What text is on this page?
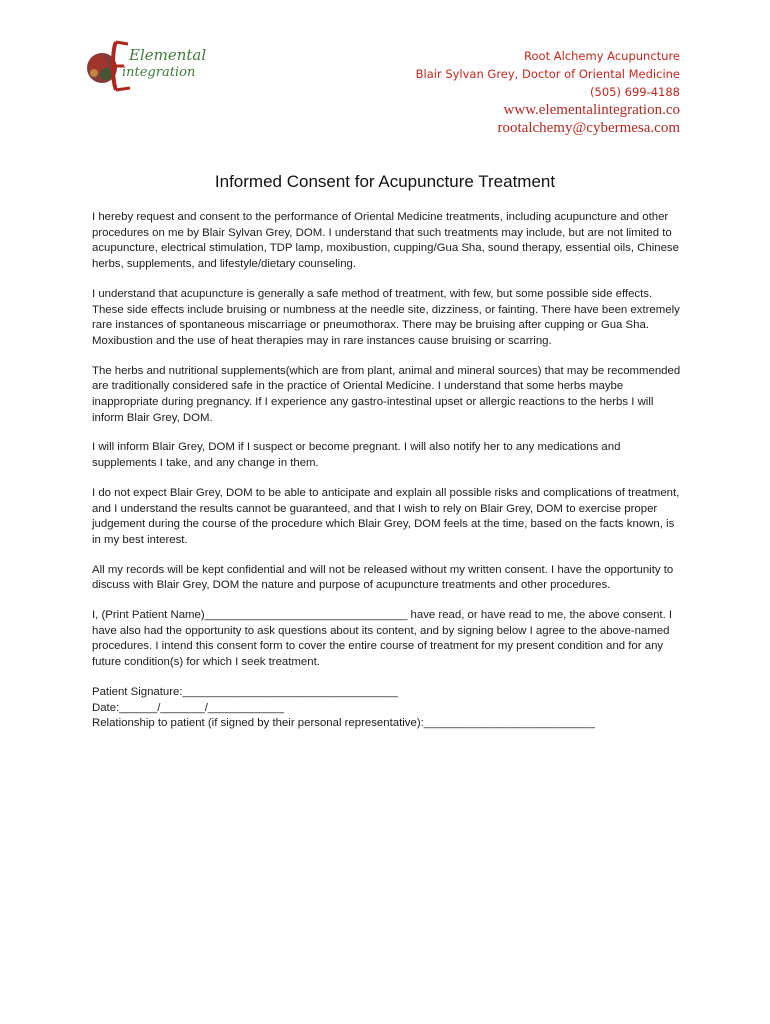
Elemental
integration
Root Alchemy Acupuncture
Blair Sylvan Grey, Doctor of Oriental Medicine
(505) 699-4188
www.elementalintegration.co
rootalchemy@cybermesa.com
Informed Consent for Acupuncture Treatment

I hereby request and consent to the performance of Oriental Medicine treatments, including acupuncture and other procedures on me by Blair Sylvan Grey, DOM. I understand that such treatments may include, but are not limited to acupuncture, electrical stimulation, TDP lamp, moxibustion, cupping/Gua Sha, sound therapy, essential oils, Chinese herbs, supplements, and lifestyle/dietary counseling.

I understand that acupuncture is generally a safe method of treatment, with few, but some possible side effects. These side effects include bruising or numbness at the needle site, dizziness, or fainting. There have been extremely rare instances of spontaneous miscarriage or pneumothorax. There may be bruising after cupping or Gua Sha. Moxibustion and the use of heat therapies may in rare instances cause bruising or scarring.

The herbs and nutritional supplements(which are from plant, animal and mineral sources) that may be recommended are traditionally considered safe in the practice of Oriental Medicine. I understand that some herbs maybe inappropriate during pregnancy. If I experience any gastro-intestinal upset or allergic reactions to the herbs I will inform Blair Grey, DOM.

I will inform Blair Grey, DOM if I suspect or become pregnant. I will also notify her to any medications and supplements I take, and any change in them.

I do not expect Blair Grey, DOM to be able to anticipate and explain all possible risks and complications of treatment, and I understand the results cannot be guaranteed, and that I wish to rely on Blair Grey, DOM to exercise proper judgement during the course of the procedure which Blair Grey, DOM feels at the time, based on the facts known, is in my best interest.

All my records will be kept confidential and will not be released without my written consent. I have the opportunity to discuss with Blair Grey, DOM the nature and purpose of acupuncture treatments and other procedures.

I, (Print Patient Name)________________________________ have read, or have read to me, the above consent. I have also had the opportunity to ask questions about its content, and by signing below I agree to the above-named procedures. I intend this consent form to cover the entire course of treatment for my present condition and for any future condition(s) for which I seek treatment.

Patient Signature:__________________________________
Date:______/_______/____________
Relationship to patient (if signed by their personal representative):___________________________
